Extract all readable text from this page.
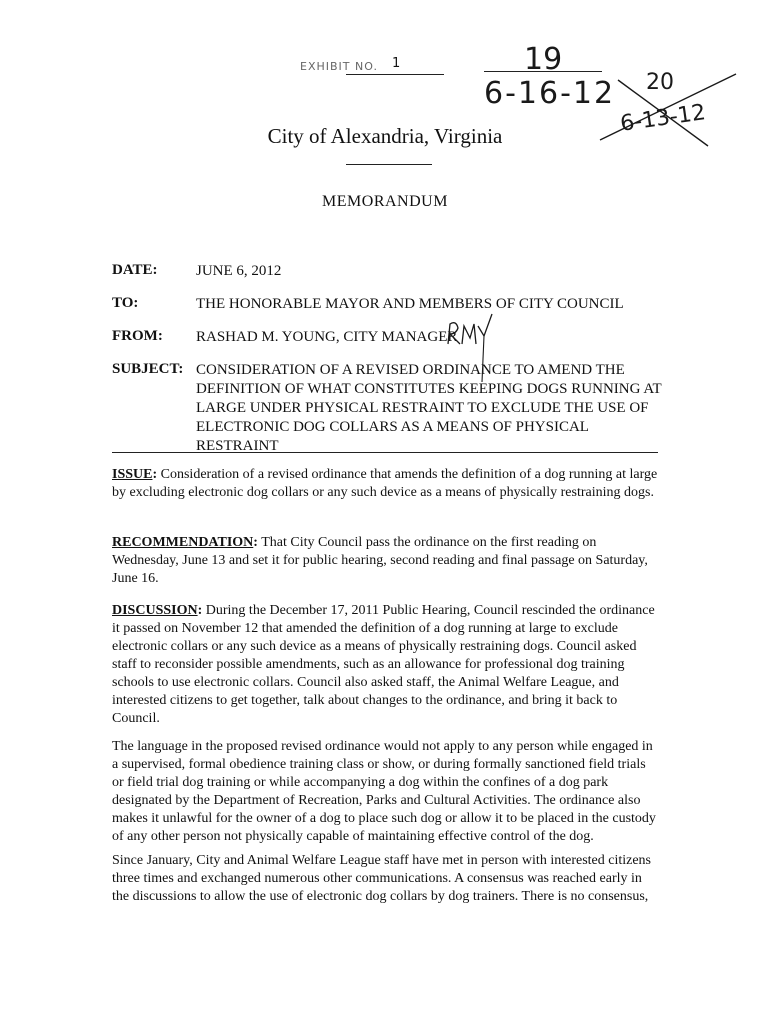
EXHIBIT NO. 1	19
6-16-12 20
6-13-12
City of Alexandria, Virginia
MEMORANDUM
DATE:	JUNE 6, 2012
TO:	THE HONORABLE MAYOR AND MEMBERS OF CITY COUNCIL
FROM: RASHAD M. YOUNG, CITY MANAGER
SUBJECT: CONSIDERATION OF A REVISED ORDINANCE TO AMEND THE DEFINITION OF WHAT CONSTITUTES KEEPING DOGS RUNNING AT LARGE UNDER PHYSICAL RESTRAINT TO EXCLUDE THE USE OF ELECTRONIC DOG COLLARS AS A MEANS OF PHYSICAL RESTRAINT
ISSUE: Consideration of a revised ordinance that amends the definition of a dog running at large by excluding electronic dog collars or any such device as a means of physically restraining dogs.
RECOMMENDATION: That City Council pass the ordinance on the first reading on Wednesday, June 13 and set it for public hearing, second reading and final passage on Saturday, June 16.
DISCUSSION: During the December 17, 2011 Public Hearing, Council rescinded the ordinance it passed on November 12 that amended the definition of a dog running at large to exclude electronic collars or any such device as a means of physically restraining dogs. Council asked staff to reconsider possible amendments, such as an allowance for professional dog training schools to use electronic collars. Council also asked staff, the Animal Welfare League, and interested citizens to get together, talk about changes to the ordinance, and bring it back to Council.
The language in the proposed revised ordinance would not apply to any person while engaged in a supervised, formal obedience training class or show, or during formally sanctioned field trials or field trial dog training or while accompanying a dog within the confines of a dog park designated by the Department of Recreation, Parks and Cultural Activities. The ordinance also makes it unlawful for the owner of a dog to place such dog or allow it to be placed in the custody of any other person not physically capable of maintaining effective control of the dog.
Since January, City and Animal Welfare League staff have met in person with interested citizens three times and exchanged numerous other communications. A consensus was reached early in the discussions to allow the use of electronic dog collars by dog trainers. There is no consensus,
